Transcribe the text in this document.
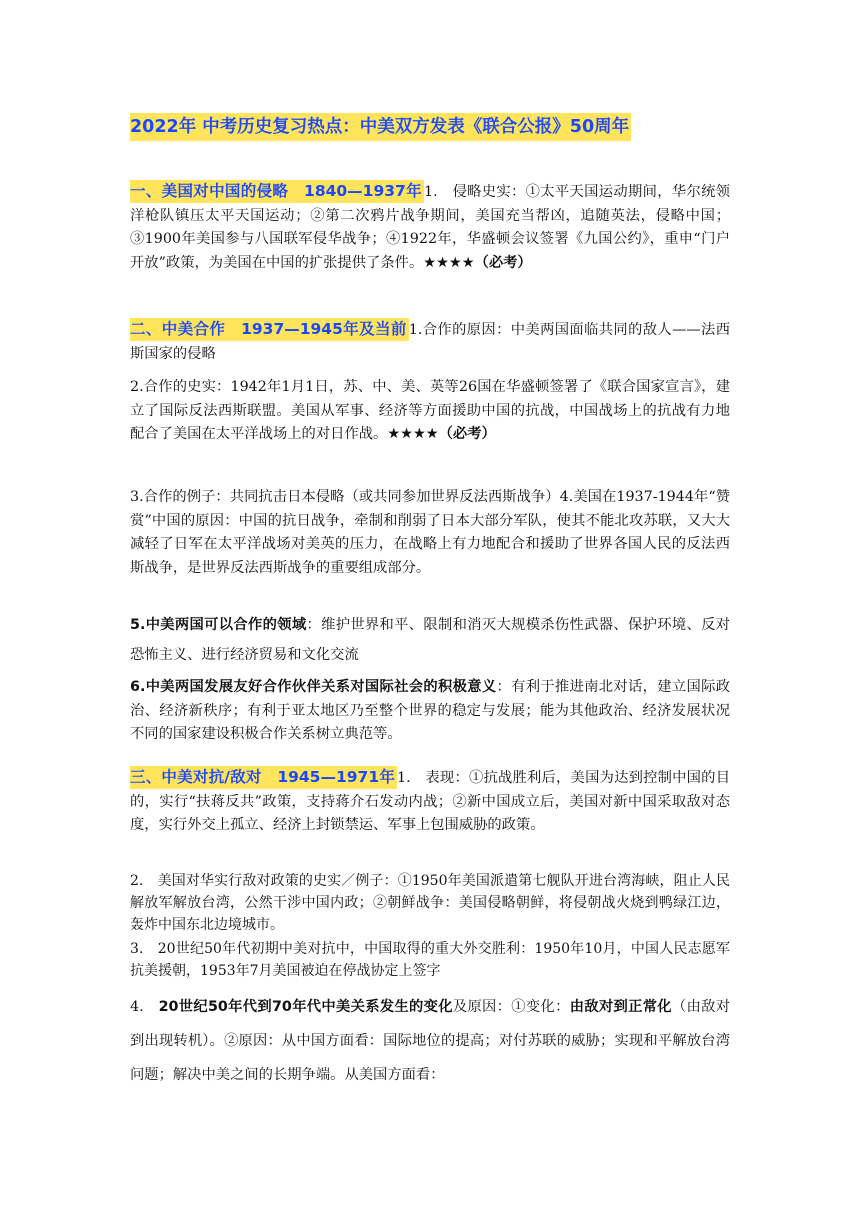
2022年 中考历史复习热点：中美双方发表《联合公报》50周年

一、美国对中国的侵略　1840—1937年 1.　侵略史实：①太平天国运动期间，华尔统领洋枪队镇压太平天国运动；②第二次鸦片战争期间，美国充当帮凶，追随英法，侵略中国；③1900年美国参与八国联军侵华战争；④1922年，华盛顿会议签署《九国公约》，重申“门户开放”政策，为美国在中国的扩张提供了条件。★★★★（必考）

二、中美合作　1937—1945年及当前 1.合作的原因：中美两国面临共同的敌人——法西斯国家的侵略

2.合作的史实：1942年1月1日，苏、中、美、英等26国在华盛顿签署了《联合国家宣言》，建立了国际反法西斯联盟。美国从军事、经济等方面援助中国的抗战，中国战场上的抗战有力地配合了美国在太平洋战场上的对日作战。★★★★（必考）

3.合作的例子：共同抗击日本侵略（或共同参加世界反法西斯战争）4.美国在1937-1944年“赞赏”中国的原因：中国的抗日战争，牵制和削弱了日本大部分军队，使其不能北攻苏联，又大大减轻了日军在太平洋战场对美英的压力，在战略上有力地配合和援助了世界各国人民的反法西斯战争，是世界反法西斯战争的重要组成部分。

5.中美两国可以合作的领域：维护世界和平、限制和消灭大规模杀伤性武器、保护环境、反对恐怖主义、进行经济贸易和文化交流

6.中美两国发展友好合作伙伴关系对国际社会的积极意义：有利于推进南北对话，建立国际政治、经济新秩序；有利于亚太地区乃至整个世界的稳定与发展；能为其他政治、经济发展状况不同的国家建设积极合作关系树立典范等。

三、中美对抗/敌对　1945—1971年 1.　表现：①抗战胜利后，美国为达到控制中国的目的，实行“扶蒋反共”政策，支持蒋介石发动内战；②新中国成立后，美国对新中国采取敌对态度，实行外交上孤立、经济上封锁禁运、军事上包围威胁的政策。

2.　美国对华实行敌对政策的史实／例子：①1950年美国派遣第七舰队开进台湾海峡，阻止人民解放军解放台湾，公然干涉中国内政；②朝鲜战争：美国侵略朝鲜，将侵朝战火烧到鸭绿江边，轰炸中国东北边境城市。

3.　20世纪50年代初期中美对抗中，中国取得的重大外交胜利：1950年10月，中国人民志愿军抗美援朝，1953年7月美国被迫在停战协定上签字

4.　20世纪50年代到70年代中美关系发生的变化及原因：①变化：由敌对到正常化（由敌对到出现转机）。②原因：从中国方面看：国际地位的提高；对付苏联的威胁；实现和平解放台湾问题；解决中美之间的长期争端。从美国方面看：
